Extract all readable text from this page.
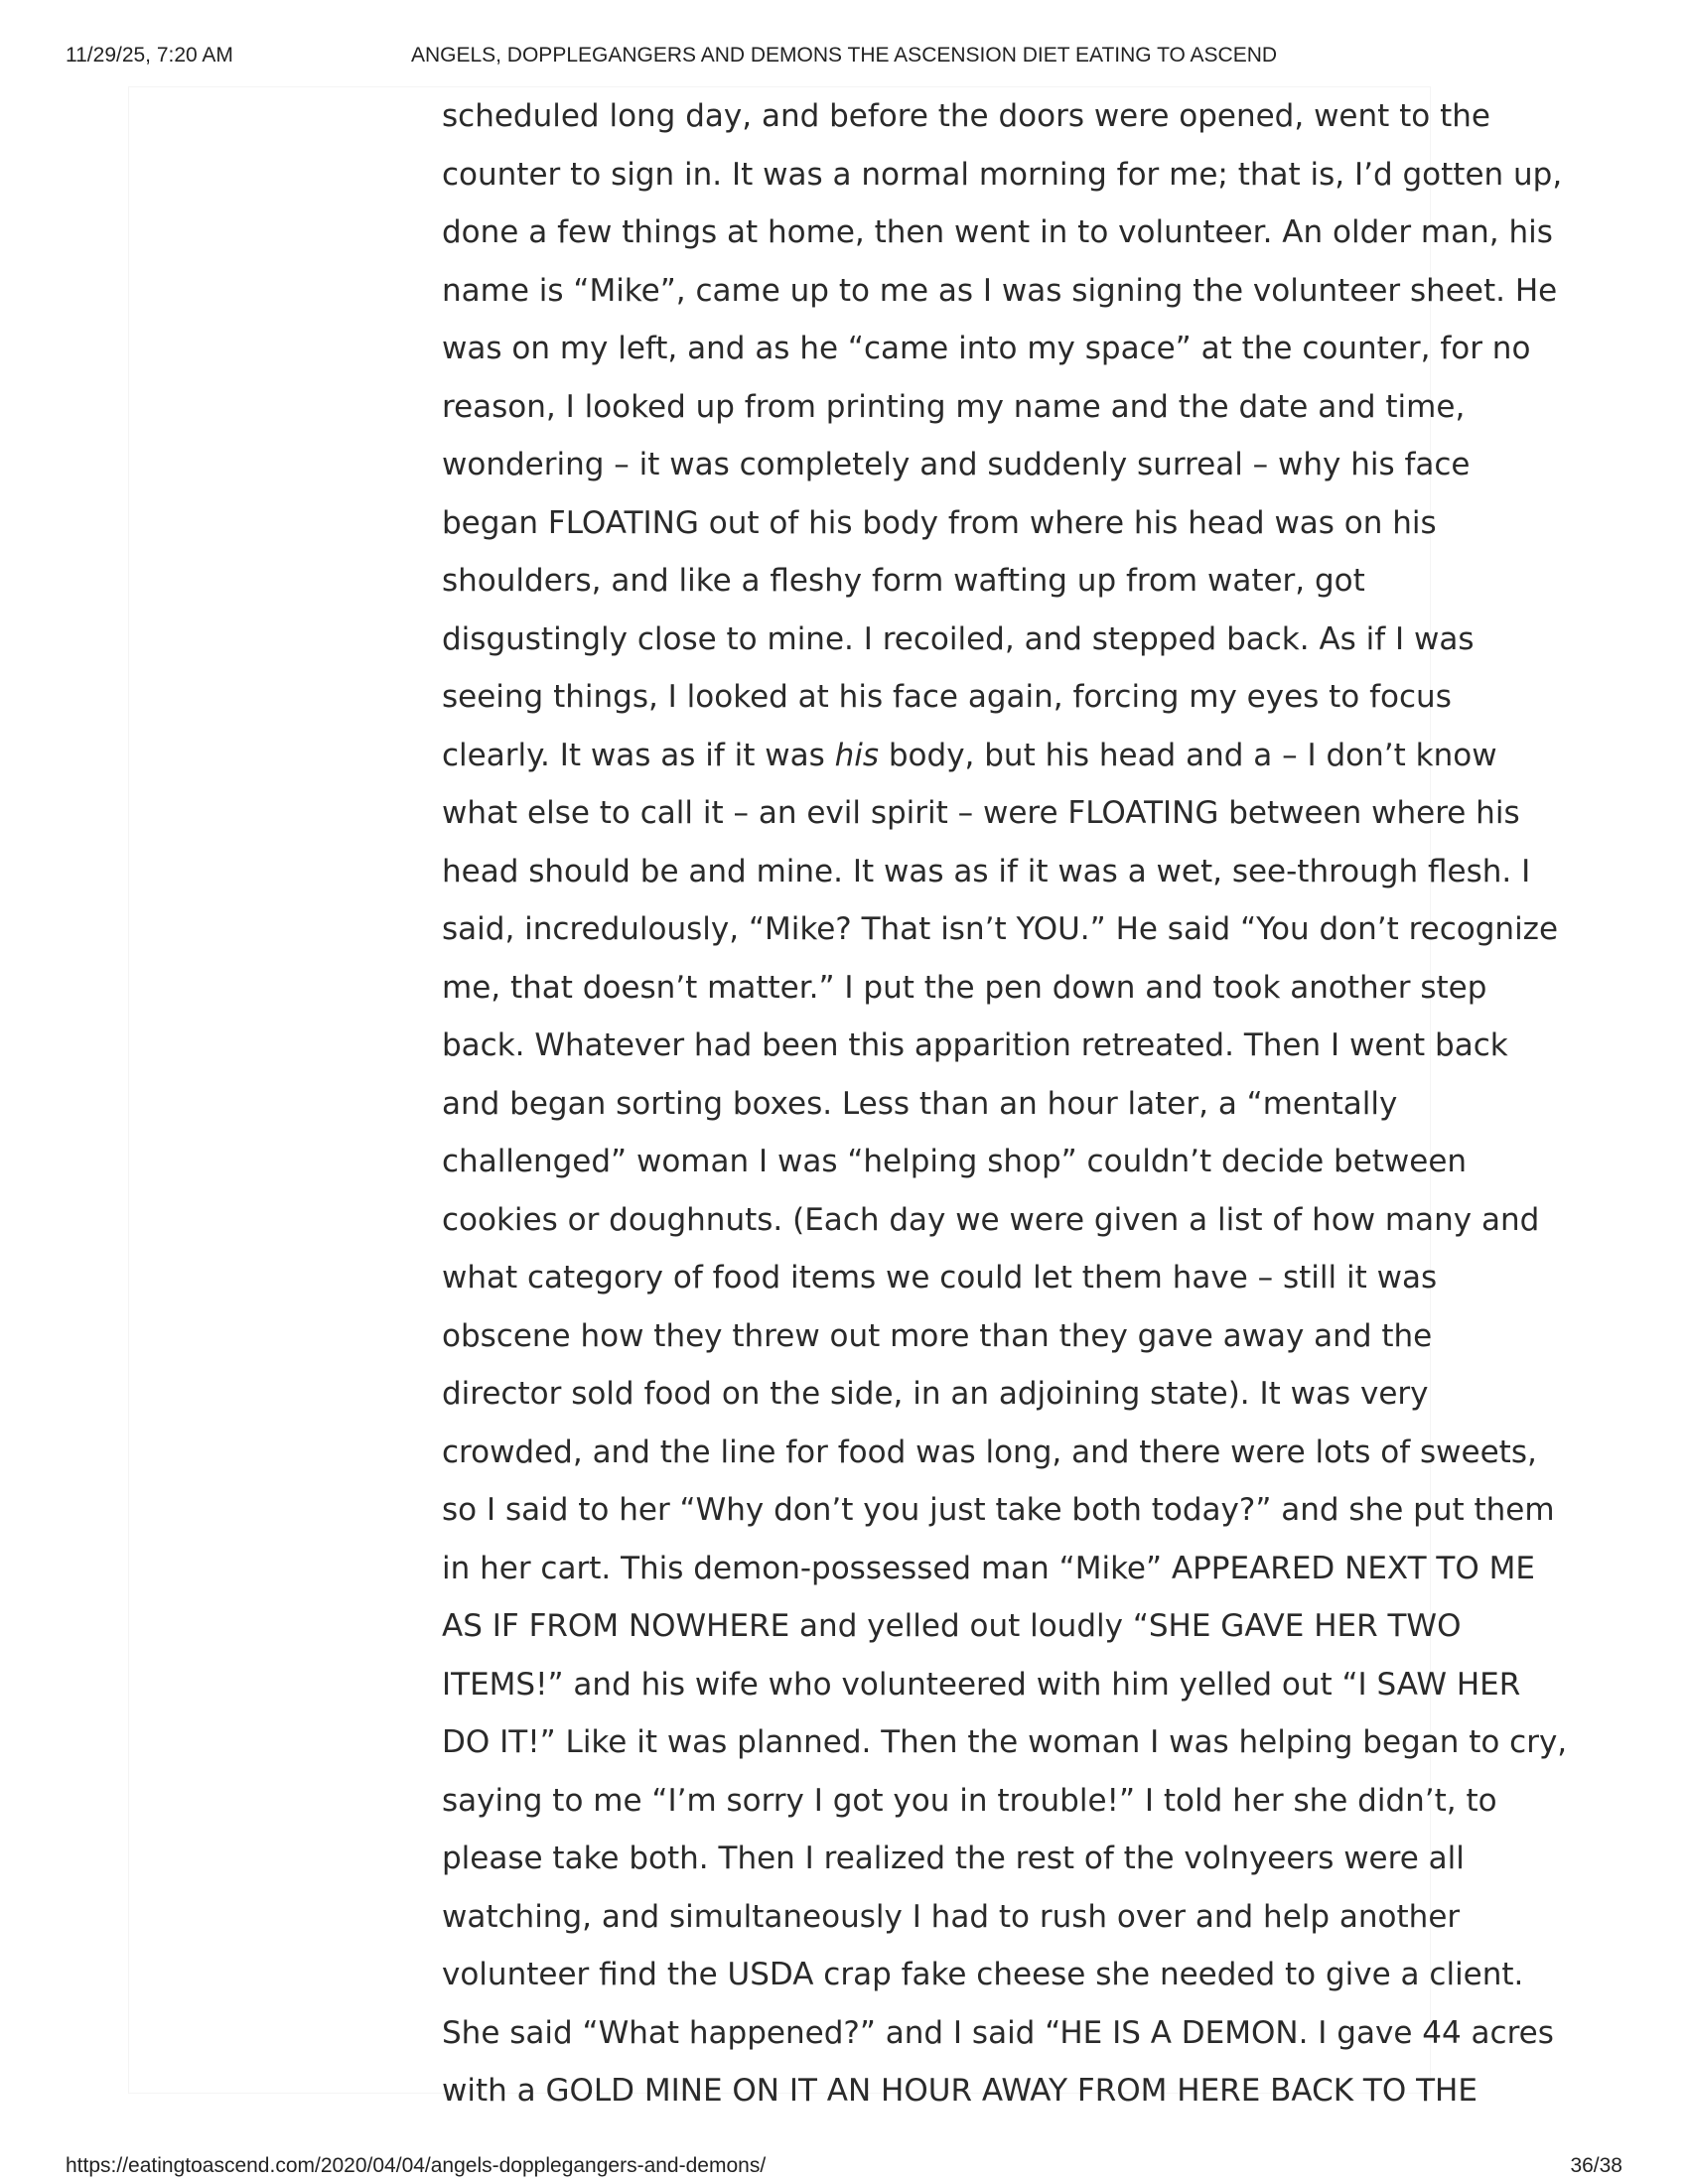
11/29/25, 7:20 AM	ANGELS, DOPPLEGANGERS AND DEMONS THE ASCENSION DIET EATING TO ASCEND
scheduled long day, and before the doors were opened, went to the
counter to sign in. It was a normal morning for me; that is, I’d gotten up,
done a few things at home, then went in to volunteer. An older man, his
name is “Mike”, came up to me as I was signing the volunteer sheet. He
was on my left, and as he “came into my space” at the counter, for no
reason, I looked up from printing my name and the date and time,
wondering – it was completely and suddenly surreal – why his face
began FLOATING out of his body from where his head was on his
shoulders, and like a fleshy form wafting up from water, got
disgustingly close to mine. I recoiled, and stepped back. As if I was
seeing things, I looked at his face again, forcing my eyes to focus
clearly. It was as if it was his body, but his head and a – I don’t know
what else to call it – an evil spirit – were FLOATING between where his
head should be and mine. It was as if it was a wet, see-through flesh. I
said, incredulously, “Mike? That isn’t YOU.” He said “You don’t recognize
me, that doesn’t matter.” I put the pen down and took another step
back. Whatever had been this apparition retreated. Then I went back
and began sorting boxes. Less than an hour later, a “mentally
challenged” woman I was “helping shop” couldn’t decide between
cookies or doughnuts. (Each day we were given a list of how many and
what category of food items we could let them have – still it was
obscene how they threw out more than they gave away and the
director sold food on the side, in an adjoining state). It was very
crowded, and the line for food was long, and there were lots of sweets,
so I said to her “Why don’t you just take both today?” and she put them
in her cart. This demon-possessed man “Mike” APPEARED NEXT TO ME
AS IF FROM NOWHERE and yelled out loudly “SHE GAVE HER TWO
ITEMS!” and his wife who volunteered with him yelled out “I SAW HER
DO IT!” Like it was planned. Then the woman I was helping began to cry,
saying to me “I’m sorry I got you in trouble!” I told her she didn’t, to
please take both. Then I realized the rest of the volnyeers were all
watching, and simultaneously I had to rush over and help another
volunteer find the USDA crap fake cheese she needed to give a client.
She said “What happened?” and I said “HE IS A DEMON. I gave 44 acres
with a GOLD MINE ON IT AN HOUR AWAY FROM HERE BACK TO THE
https://eatingtoascend.com/2020/04/04/angels-dopplegangers-and-demons/	36/38
